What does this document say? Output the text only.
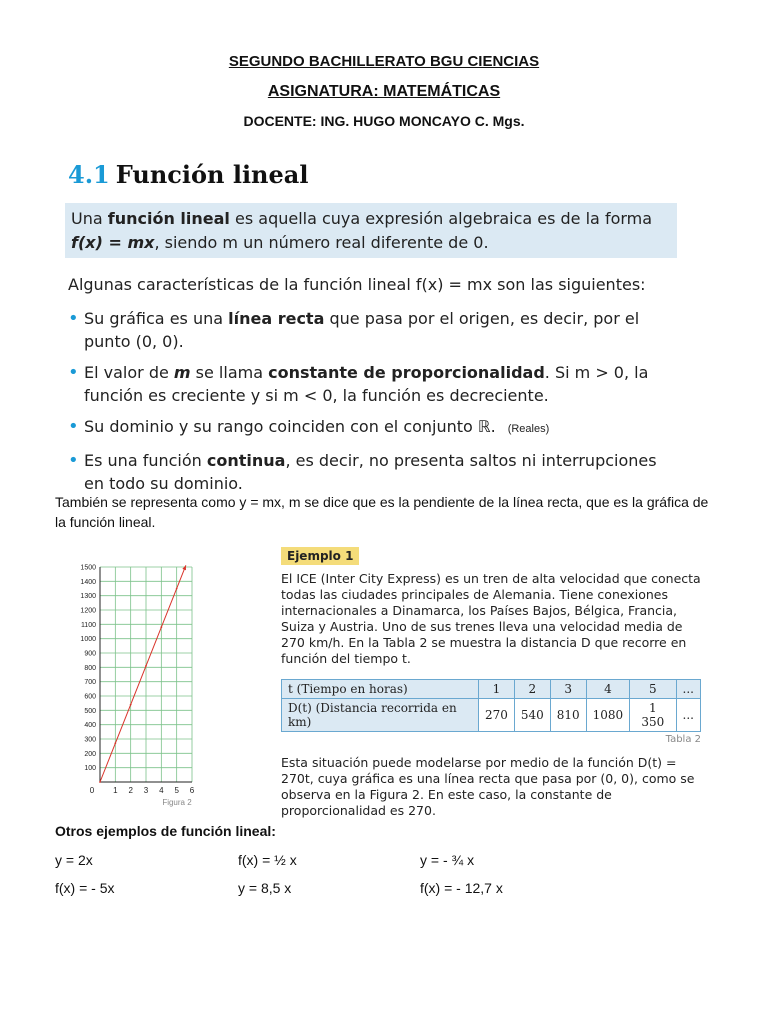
SEGUNDO BACHILLERATO BGU CIENCIAS
ASIGNATURA: MATEMÁTICAS
DOCENTE: ING. HUGO MONCAYO C. Mgs.
4.1 Función lineal
Una función lineal es aquella cuya expresión algebraica es de la forma f(x) = mx, siendo m un número real diferente de 0.
Algunas características de la función lineal f(x) = mx son las siguientes:
• Su gráfica es una línea recta que pasa por el origen, es decir, por el punto (0, 0).
• El valor de m se llama constante de proporcionalidad. Si m > 0, la función es creciente y si m < 0, la función es decreciente.
• Su dominio y su rango coinciden con el conjunto ℝ. (Reales)
• Es una función continua, es decir, no presenta saltos ni interrupciones en todo su dominio.
También se representa como y = mx, m se dice que es la pendiente de la línea recta, que es la gráfica de la función lineal.
100
200
300
400
500
600
700
800
900
1000
1100
1200
1300
1400
1500
0 1 2 3 4 5 6
Figura 2
Ejemplo 1
El ICE (Inter City Express) es un tren de alta velocidad que conecta todas las ciudades principales de Alemania. Tiene conexiones internacionales a Dinamarca, los Países Bajos, Bélgica, Francia, Suiza y Austria. Uno de sus trenes lleva una velocidad media de 270 km/h. En la Tabla 2 se muestra la distancia D que recorre en función del tiempo t.
t (Tiempo en horas)	1	2	3	4	5	...
D(t) (Distancia recorrida en km)	270	540	810	1080	1 350	...
Tabla 2
Esta situación puede modelarse por medio de la función D(t) = 270t, cuya gráfica es una línea recta que pasa por (0, 0), como se observa en la Figura 2. En este caso, la constante de proporcionalidad es 270.
Otros ejemplos de función lineal:
y = 2x	f(x) = ½ x	y = - ¾ x
f(x) = - 5x	y = 8,5 x	f(x) = - 12,7 x
